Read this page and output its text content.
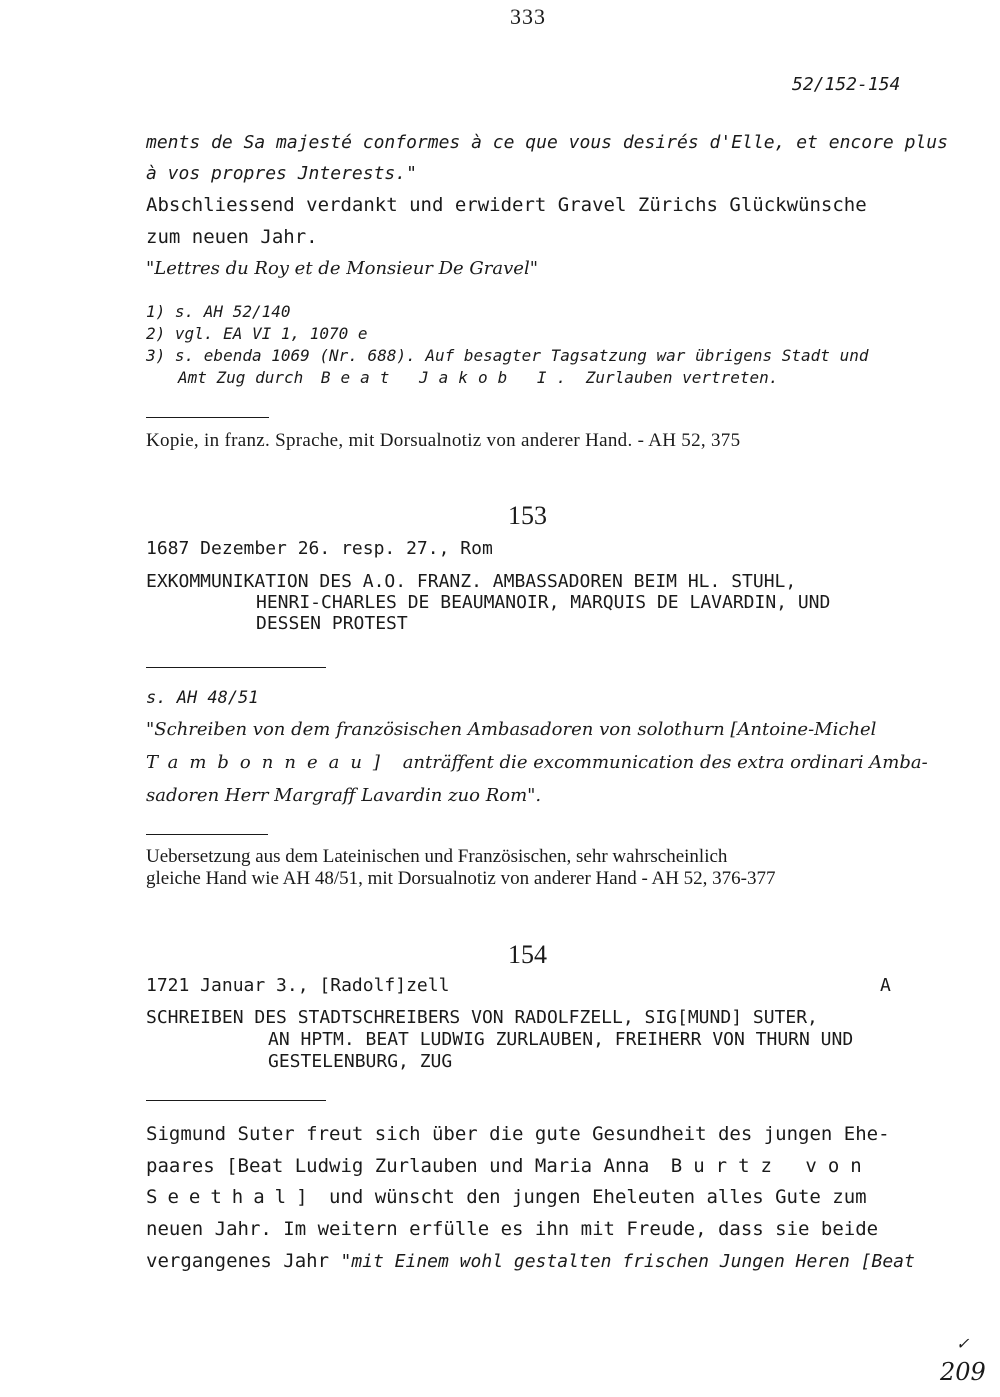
333
52/152-154
ments de Sa majesté conformes à ce que vous desirés d'Elle, et encore plus
à vos propres Jnterests."
Abschliessend verdankt und erwidert Gravel Zürichs Glückwünsche
zum neuen Jahr.
"Lettres du Roy et de Monsieur De Gravel"
1) s. AH 52/140
2) vgl. EA VI 1, 1070 e
3) s. ebenda 1069 (Nr. 688). Auf besagter Tagsatzung war übrigens Stadt und
Amt Zug durch Beat Jakob I. Zurlauben vertreten.
Kopie, in franz. Sprache, mit Dorsualnotiz von anderer Hand. - AH 52, 375
153
1687 Dezember 26. resp. 27., Rom
EXKOMMUNIKATION DES A.O. FRANZ. AMBASSADOREN BEIM HL. STUHL,
HENRI-CHARLES DE BEAUMANOIR, MARQUIS DE LAVARDIN, UND
DESSEN PROTEST
s. AH 48/51
"Schreiben von dem französischen Ambasadoren von solothurn [Antoine-Michel
Tambonneau] anträffent die excommunication des extra ordinari Amba-
sadoren Herr Margraff Lavardin zuo Rom".
Uebersetzung aus dem Lateinischen und Französischen, sehr wahrscheinlich
gleiche Hand wie AH 48/51, mit Dorsualnotiz von anderer Hand - AH 52, 376-377
154
1721 Januar 3., [Radolf]zell	A
SCHREIBEN DES STADTSCHREIBERS VON RADOLFZELL, SIG[MUND] SUTER,
AN HPTM. BEAT LUDWIG ZURLAUBEN, FREIHERR VON THURN UND
GESTELENBURG, ZUG
Sigmund Suter freut sich über die gute Gesundheit des jungen Ehe-
paares [Beat Ludwig Zurlauben und Maria Anna Burtz von
Seethal] und wünscht den jungen Eheleuten alles Gute zum
neuen Jahr. Im weitern erfülle es ihn mit Freude, dass sie beide
vergangenes Jahr "mit Einem wohl gestalten frischen Jungen Heren [Beat
✓
209
